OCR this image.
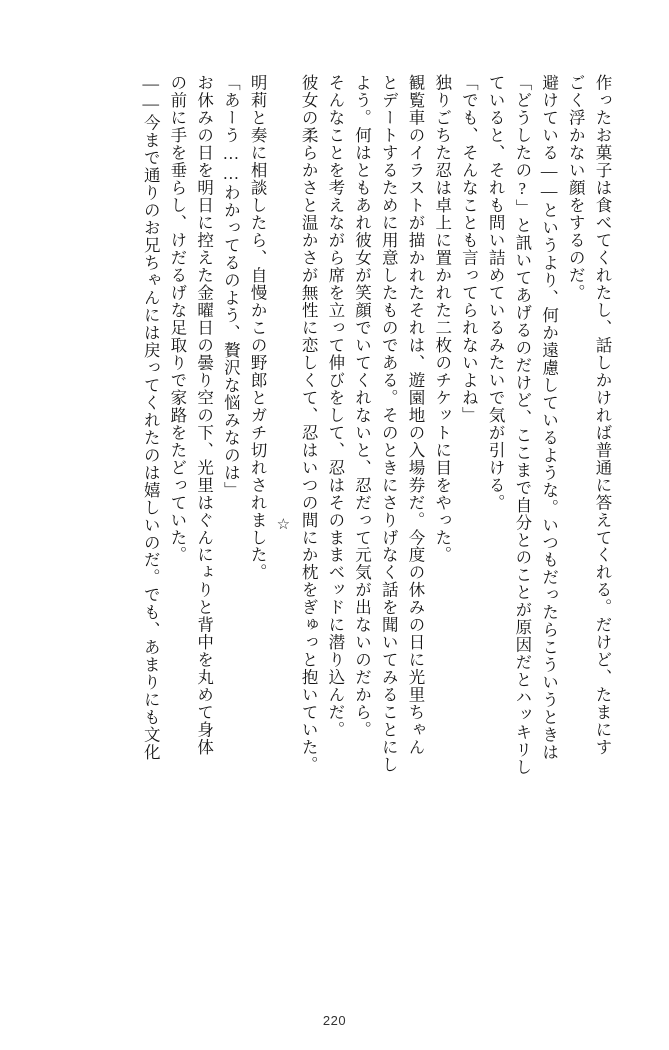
作ったお菓子は食べてくれたし、話しかければ普通に答えてくれる。だけど、たまにす

ごく浮かない顔をするのだ。

避けている――というより、何か遠慮しているような。いつもだったらこういうときは

「どうしたの?」と訊いてあげるのだけど、ここまで自分とのことが原因だとハッキリし

ていると、それも問い詰めているみたいで気が引ける。

「でも、そんなことも言ってられないよね」

独りごちた忍は卓上に置かれた二枚のチケットに目をやった。

観覧車のイラストが描かれたそれは、遊園地の入場券だ。今度の休みの日に光里ちゃん

とデートするために用意したものである。そのときにさりげなく話を聞いてみることにし

よう。何はともあれ彼女が笑顔でいてくれないと、忍だって元気が出ないのだから。

そんなことを考えながら席を立って伸びをして、忍はそのままベッドに潜り込んだ。

彼女の柔らかさと温かさが無性に恋しくて、忍はいつの間にか枕をぎゅっと抱いていた。

☆

明莉と奏に相談したら、自慢かこの野郎とガチ切れされました。

「あーう……わかってるのよう、贅沢な悩みなのは」

お休みの日を明日に控えた金曜日の曇り空の下、光里はぐんにょりと背中を丸めて身体

の前に手を垂らし、けだるげな足取りで家路をたどっていた。

――今まで通りのお兄ちゃんには戻ってくれたのは嬉しいのだ。でも、あまりにも文化

220
